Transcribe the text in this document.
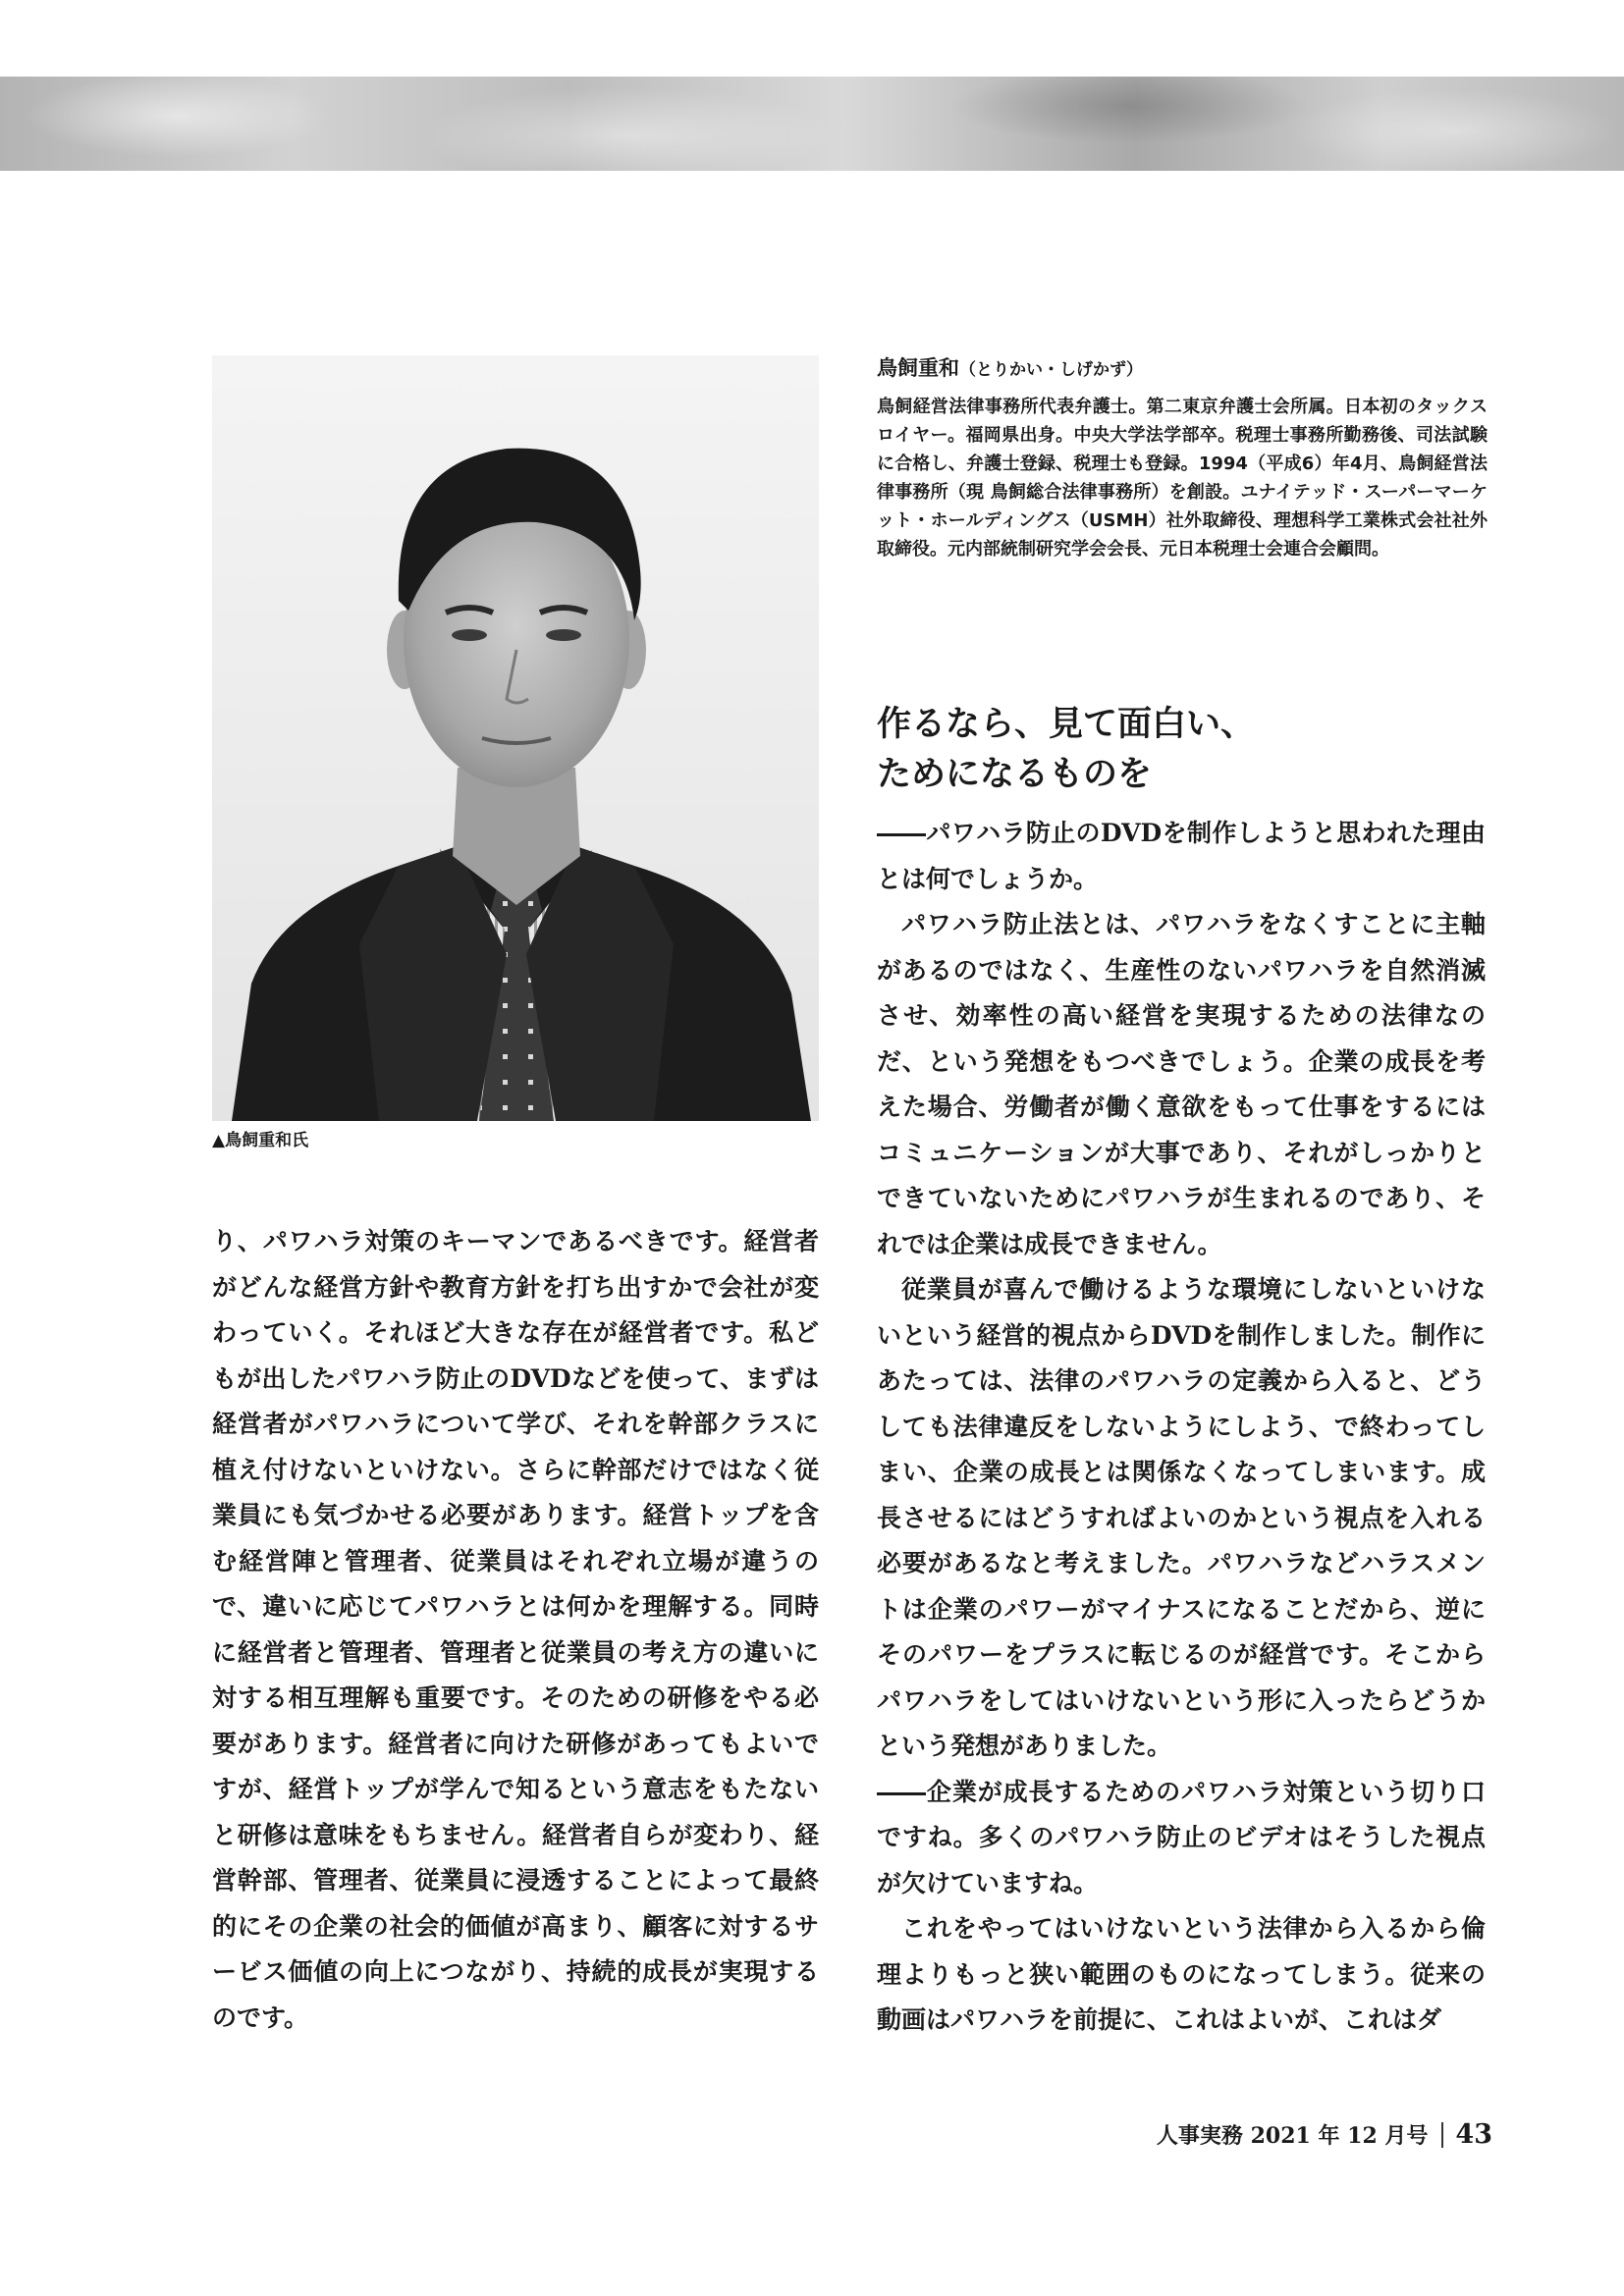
▲鳥飼重和氏
鳥飼重和（とりかい・しげかず）
鳥飼経営法律事務所代表弁護士。第二東京弁護士会所属。日本初のタックスロイヤー。福岡県出身。中央大学法学部卒。税理士事務所勤務後、司法試験に合格し、弁護士登録、税理士も登録。1994（平成6）年4月、鳥飼経営法律事務所（現 鳥飼総合法律事務所）を創設。ユナイテッド・スーパーマーケット・ホールディングス（USMH）社外取締役、理想科学工業株式会社社外取締役。元内部統制研究学会会長、元日本税理士会連合会顧問。
作るなら、見て面白い、
ためになるものを

――パワハラ防止のDVDを制作しようと思われた理由とは何でしょうか。

パワハラ防止法とは、パワハラをなくすことに主軸があるのではなく、生産性のないパワハラを自然消滅させ、効率性の高い経営を実現するための法律なのだ、という発想をもつべきでしょう。企業の成長を考えた場合、労働者が働く意欲をもって仕事をするにはコミュニケーションが大事であり、それがしっかりとできていないためにパワハラが生まれるのであり、それでは企業は成長できません。

従業員が喜んで働けるような環境にしないといけないという経営的視点からDVDを制作しました。制作にあたっては、法律のパワハラの定義から入ると、どうしても法律違反をしないようにしよう、で終わってしまい、企業の成長とは関係なくなってしまいます。成長させるにはどうすればよいのかという視点を入れる必要があるなと考えました。パワハラなどハラスメントは企業のパワーがマイナスになることだから、逆にそのパワーをプラスに転じるのが経営です。そこからパワハラをしてはいけないという形に入ったらどうかという発想がありました。

――企業が成長するためのパワハラ対策という切り口ですね。多くのパワハラ防止のビデオはそうした視点が欠けていますね。

これをやってはいけないという法律から入るから倫理よりもっと狭い範囲のものになってしまう。従来の動画はパワハラを前提に、これはよいが、これはダ

り、パワハラ対策のキーマンであるべきです。経営者がどんな経営方針や教育方針を打ち出すかで会社が変わっていく。それほど大きな存在が経営者です。私どもが出したパワハラ防止のDVDなどを使って、まずは経営者がパワハラについて学び、それを幹部クラスに植え付けないといけない。さらに幹部だけではなく従業員にも気づかせる必要があります。経営トップを含む経営陣と管理者、従業員はそれぞれ立場が違うので、違いに応じてパワハラとは何かを理解する。同時に経営者と管理者、管理者と従業員の考え方の違いに対する相互理解も重要です。そのための研修をやる必要があります。経営者に向けた研修があってもよいですが、経営トップが学んで知るという意志をもたないと研修は意味をもちません。経営者自らが変わり、経営幹部、管理者、従業員に浸透することによって最終的にその企業の社会的価値が高まり、顧客に対するサービス価値の向上につながり、持続的成長が実現するのです。

人事実務 2021 年 12 月号 43
